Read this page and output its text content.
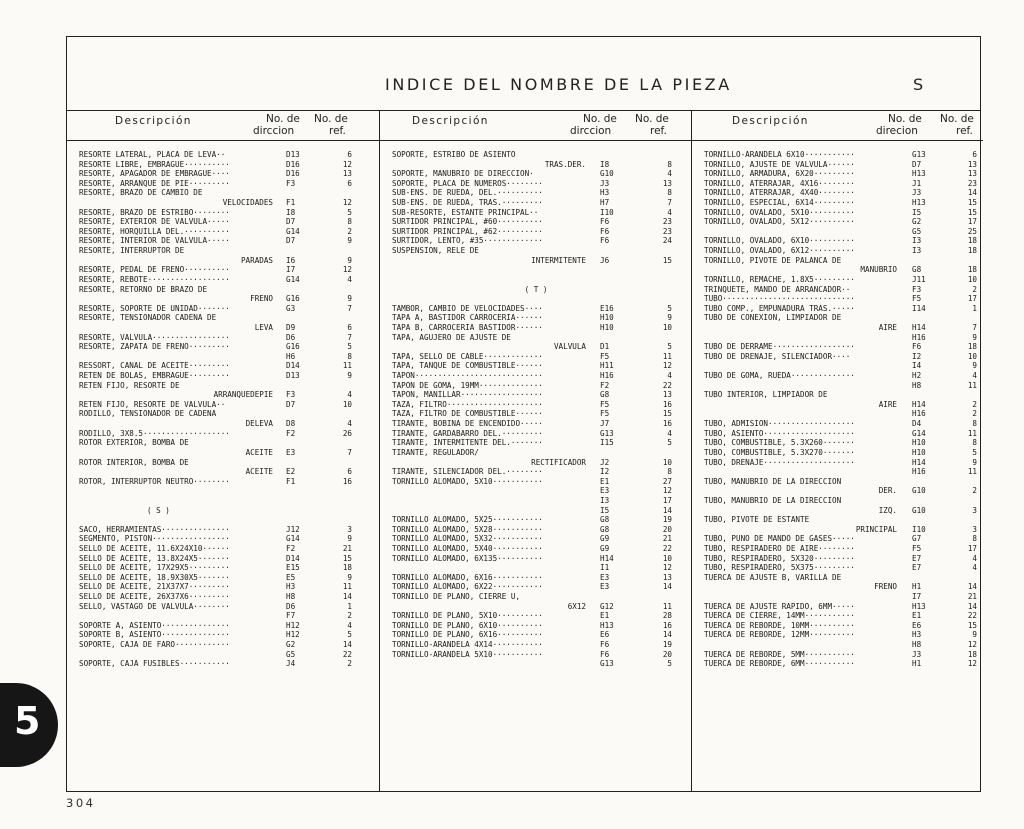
INDICE DEL NOMBRE DE LA PIEZA	S
Descripción	No. de
dirccion
No. de
ref.
RESORTE LATERAL, PLACA DE LEVA··	D13	6
RESORTE LIBRE, EMBRAGUE··········	D16	12
RESORTE, APAGADOR DE EMBRAGUE····	D16	13
RESORTE, ARRANQUE DE PIE·········	F3	6
RESORTE, BRAZO DE CAMBIO DE
VELOCIDADES F1	12
RESORTE, BRAZO DE ESTRIBO········	I8	5
RESORTE, EXTERIOR DE VALVULA·····	D7	8
RESORTE, HORQUILLA DEL.··········	G14	2
RESORTE, INTERIOR DE VALVULA·····	D7	9
RESORTE, INTERRUPTOR DE
PARADAS I6	9
RESORTE, PEDAL DE FRENO··········	I7	12
RESORTE, REBOTE··················	G14	4
RESORTE, RETORNO DE BRAZO DE
FRENO G16	9
RESORTE, SOPORTE DE UNIDAD·······	G3	7
RESORTE, TENSIONADOR CADENA DE
LEVA D9	6
RESORTE, VALVULA·················	D6	7
RESORTE, ZAPATA DE FRENO·········	G16	5
H6	8
RESSORT, CANAL DE ACEITE·········	D14	11
RETEN DE BOLAS, EMBRAGUE·········	D13	9
RETEN FIJO, RESORTE DE
ARRANQUEDEPIE F3	4
RETEN FIJO, RESORTE DE VALVULA··	D7	10
RODILLO, TENSIONADOR DE CADENA
DELEVA D8	4
RODILLO, 3X8.5···················	F2	26
ROTOR EXTERIOR, BOMBA DE
ACEITE E3	7
ROTOR INTERIOR, BOMBA DE
ACEITE E2	6
ROTOR, INTERRUPTOR NEUTRO········	F1	16
( S )
SACO, HERRAMIENTAS···············	J12	3
SEGMENTO, PISTON·················	G14	9
SELLO DE ACEITE, 11.6X24X10······	F2	21
SELLO DE ACEITE, 13.8X24X5·······	D14	15
SELLO DE ACEITE, 17X29X5·········	E15	18
SELLO DE ACEITE, 18.9X30X5·······	E5	9
SELLO DE ACEITE, 21X37X7·········	H3	11
SELLO DE ACEITE, 26X37X6·········	H8	14
SELLO, VASTAGO DE VALVULA········	D6	1
F7	2
SOPORTE A, ASIENTO···············	H12	4
SOPORTE B, ASIENTO···············	H12	5
SOPORTE, CAJA DE FARO············	G2	14
G5	22
SOPORTE, CAJA FUSIBLES···········	J4	2
Descripción	No. de
dirccion
No. de
ref.
SOPORTE, ESTRIBO DE ASIENTO
TRAS.DER. I8	8
SOPORTE, MANUBRIO DE DIRECCION·	G10	4
SOPORTE, PLACA DE NUMEROS········	J3	13
SUB-ENS. DE RUEDA, DEL.··········	H3	8
SUB-ENS. DE RUEDA, TRAS.·········	H7	7
SUB-RESORTE, ESTANTE PRINCIPAL··	I10	4
SURTIDOR PRINCIPAL, #60··········	F6	23
SURTIDOR PRINCIPAL, #62··········	F6	23
SURTIDOR, LENTO, #35·············	F6	24
SUSPENSION, RELE DE
INTERMITENTE J6	15
( T )
TAMBOR, CAMBIO DE VELOCIDADES····	E16	5
TAPA A, BASTIDOR CARROCERIA······	H10	9
TAPA B, CARROCERIA BASTIDOR······	H10	10
TAPA, AGUJERO DE AJUSTE DE
VALVULA D1	5
TAPA, SELLO DE CABLE·············	F5	11
TAPA, TANQUE DE COMBUSTIBLE······	H11	12
TAPON····························	H16	4
TAPON DE GOMA, 19MM··············	F2	22
TAPON, MANILLAR··················	G8	13
TAZA, FILTRO·····················	F5	16
TAZA, FILTRO DE COMBUSTIBLE······	F5	15
TIRANTE, BOBINA DE ENCENDIDO·····	J7	16
TIRANTE, GARDABARRO DEL.·········	G13	4
TIRANTE, INTERMITENTE DEL.·······	I15	5
TIRANTE, REGULADOR/
RECTIFICADOR J2	10
TIRANTE, SILENCIADOR DEL.········	I2	8
TORNILLO ALOMADO, 5X10···········	E1	27
E3	12
I3	17
I5	14
TORNILLO ALOMADO, 5X25···········	G8	19
TORNILLO ALOMADO, 5X28···········	G8	20
TORNILLO ALOMADO, 5X32···········	G9	21
TORNILLO ALOMADO, 5X40···········	G9	22
TORNILLO ALOMADO, 6X135··········	H14	10
I1	12
TORNILLO ALOMADO, 6X16···········	E3	13
TORNILLO ALOMADO, 6X22···········	E3	14
TORNILLO DE PLANO, CIERRE U,
6X12 G12	11
TORNILLO DE PLANO, 5X10··········	E1	28
TORNILLO DE PLANO, 6X10··········	H13	16
TORNILLO DE PLANO, 6X16··········	E6	14
TORNILLO-ARANDELA 4X14···········	F6	19
TORNILLO-ARANDELA 5X10···········	F6	20
G13	5
Descripción	No. de
direcion
No. de
ref.
TORNILLO-ARANDELA 6X10···········	G13	6
TORNILLO, AJUSTE DE VALVULA······	D7	13
TORNILLO, ARMADURA, 6X20·········	H13	13
TORNILLO, ATERRAJAR, 4X16········	J1	23
TORNILLO, ATERRAJAR, 4X40········	J3	14
TORNILLO, ESPECIAL, 6X14·········	H13	15
TORNILLO, OVALADO, 5X10··········	I5	15
TORNILLO, OVALADO, 5X12··········	G2	17
G5	25
TORNILLO, OVALADO, 6X10··········	I3	18
TORNILLO, OVALADO, 6X12··········	I3	18
TORNILLO, PIVOTE DE PALANCA DE
MANUBRIO G8	18
TORNILLO, REMACHE, 1.8X5·········	J11	10
TRINQUETE, MANDO DE ARRANCADOR··	F3	2
TUBO·····························	F5	17
TUBO COMP., EMPUNADURA TRAS.·····	I14	1
TUBO DE CONEXION, LIMPIADOR DE
AIRE H14	7
H16	9
TUBO DE DERRAME··················	F6	18
TUBO DE DRENAJE, SILENCIADOR····	I2	10
I4	9
TUBO DE GOMA, RUEDA··············	H2	4
H8	11
TUBO INTERIOR, LIMPIADOR DE
AIRE H14	2
H16	2
TUBO, ADMISION···················	D4	8
TUBO, ASIENTO····················	G14	11
TUBO, COMBUSTIBLE, 5.3X260·······	H10	8
TUBO, COMBUSTIBLE, 5.3X270·······	H10	5
TUBO, DRENAJE····················	H14	9
H16	11
TUBO, MANUBRIO DE LA DIRECCION
DER. G10	2
TUBO, MANUBRIO DE LA DIRECCION
IZQ. G10	3
TUBO, PIVOTE DE ESTANTE
PRINCIPAL I10	3
TUBO, PUNO DE MANDO DE GASES·····	G7	8
TUBO, RESPIRADERO DE AIRE········	F5	17
TUBO, RESPIRADERO, 5X320·········	E7	4
TUBO, RESPIRADERO, 5X375·········	E7	4
TUERCA DE AJUSTE B, VARILLA DE
FRENO H1	14
I7	21
TUERCA DE AJUSTE RAPIDO, 6MM·····	H13	14
TUERCA DE CIERRE, 14MM···········	E1	22
TUERCA DE REBORDE, 10MM··········	E6	15
TUERCA DE REBORDE, 12MM··········	H3	9
H8	12
TUERCA DE REBORDE, 5MM···········	J3	18
TUERCA DE REBORDE, 6MM···········	H1	12
5
304
